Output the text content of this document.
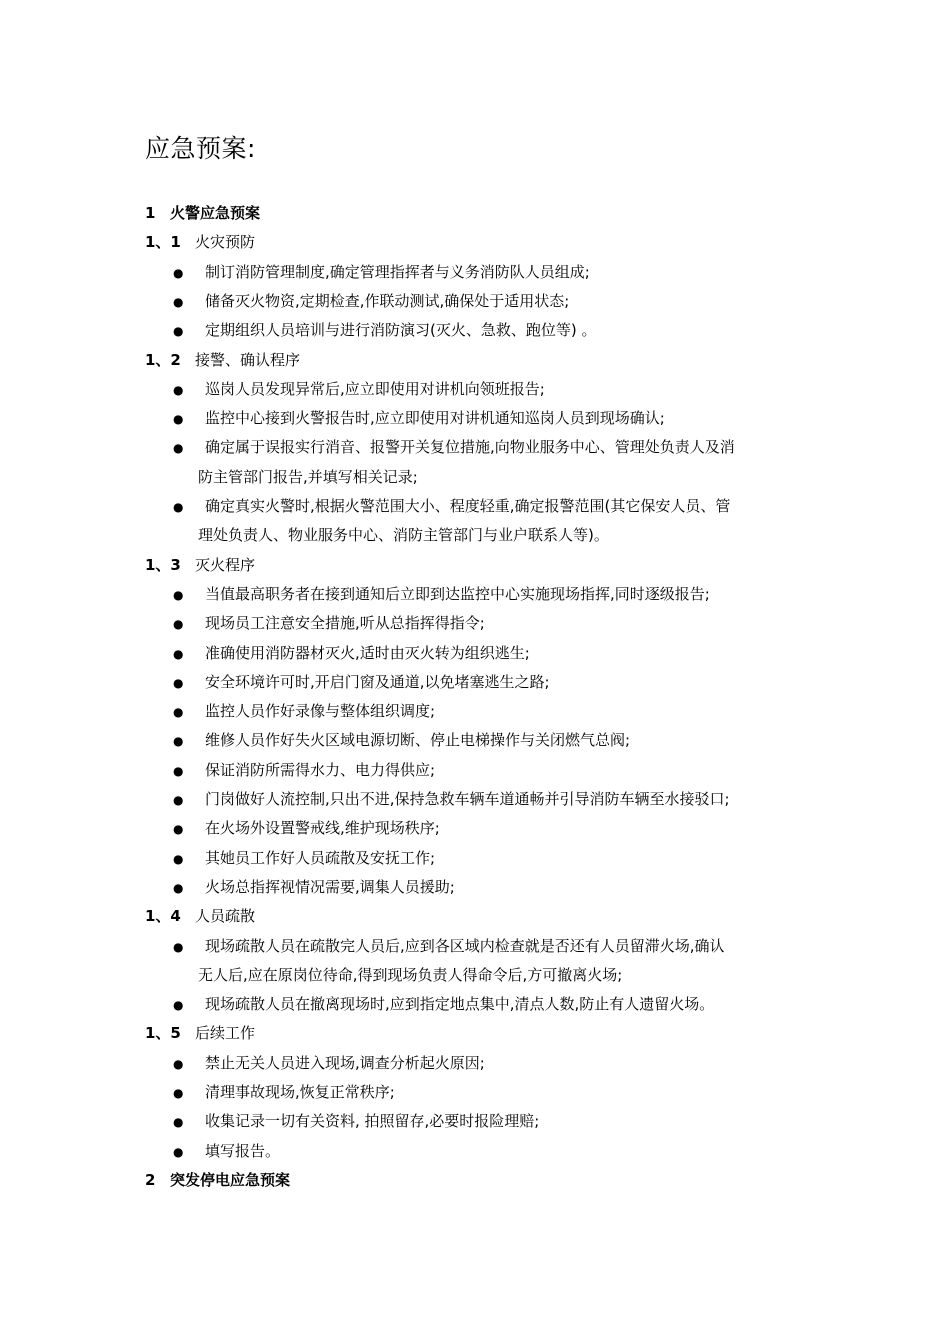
应急预案:
1 火警应急预案
1、1 火灾预防
● 制订消防管理制度,确定管理指挥者与义务消防队人员组成;
● 储备灭火物资,定期检查,作联动测试,确保处于适用状态;
● 定期组织人员培训与进行消防演习(灭火、急救、跑位等) 。
1、2 接警、确认程序
● 巡岗人员发现异常后,应立即使用对讲机向领班报告;
● 监控中心接到火警报告时,应立即使用对讲机通知巡岗人员到现场确认;
● 确定属于误报实行消音、报警开关复位措施,向物业服务中心、管理处负责人及消
防主管部门报告,并填写相关记录;
● 确定真实火警时,根据火警范围大小、程度轻重,确定报警范围(其它保安人员、管
理处负责人、物业服务中心、消防主管部门与业户联系人等)。
1、3 灭火程序
● 当值最高职务者在接到通知后立即到达监控中心实施现场指挥,同时逐级报告;
● 现场员工注意安全措施,听从总指挥得指令;
● 准确使用消防器材灭火,适时由灭火转为组织逃生;
● 安全环境许可时,开启门窗及通道,以免堵塞逃生之路;
● 监控人员作好录像与整体组织调度;
● 维修人员作好失火区域电源切断、停止电梯操作与关闭燃气总阀;
● 保证消防所需得水力、电力得供应;
● 门岗做好人流控制,只出不进,保持急救车辆车道通畅并引导消防车辆至水接驳口;
● 在火场外设置警戒线,维护现场秩序;
● 其她员工作好人员疏散及安抚工作;
● 火场总指挥视情况需要,调集人员援助;
1、4 人员疏散
● 现场疏散人员在疏散完人员后,应到各区域内检查就是否还有人员留滞火场,确认
无人后,应在原岗位待命,得到现场负责人得命令后,方可撤离火场;
● 现场疏散人员在撤离现场时,应到指定地点集中,清点人数,防止有人遗留火场。
1、5 后续工作
● 禁止无关人员进入现场,调查分析起火原因;
● 清理事故现场,恢复正常秩序;
● 收集记录一切有关资料, 拍照留存,必要时报险理赔;
● 填写报告。
2 突发停电应急预案
